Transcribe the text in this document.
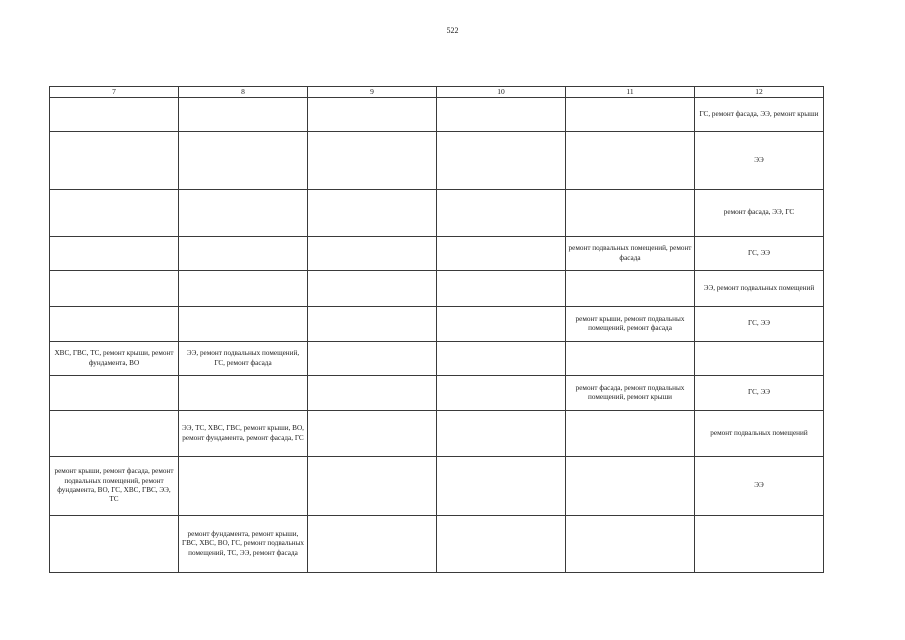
522
7	8	9	10	11	12
					ГС, ремонт фасада, ЭЭ, ремонт крыши
					ЭЭ
					ремонт фасада, ЭЭ, ГС
				ремонт подвальных помещений, ремонт фасада	ГС, ЭЭ
					ЭЭ, ремонт подвальных помещений
				ремонт крыши, ремонт подвальных помещений, ремонт фасада	ГС, ЭЭ
ХВС, ГВС, ТС, ремонт крыши, ремонт фундамента, ВО	ЭЭ, ремонт подвальных помещений, ГС, ремонт фасада				
				ремонт фасада, ремонт подвальных помещений, ремонт крыши	ГС, ЭЭ
	ЭЭ, ТС, ХВС, ГВС, ремонт крыши, ВО, ремонт фундамента, ремонт фасада, ГС				ремонт подвальных помещений
ремонт крыши, ремонт фасада, ремонт подвальных помещений, ремонт фундамента, ВО, ГС, ХВС, ГВС, ЭЭ, ТС					ЭЭ
	ремонт фундамента, ремонт крыши, ГВС, ХВС, ВО, ГС, ремонт подвальных помещений, ТС, ЭЭ, ремонт фасада				
